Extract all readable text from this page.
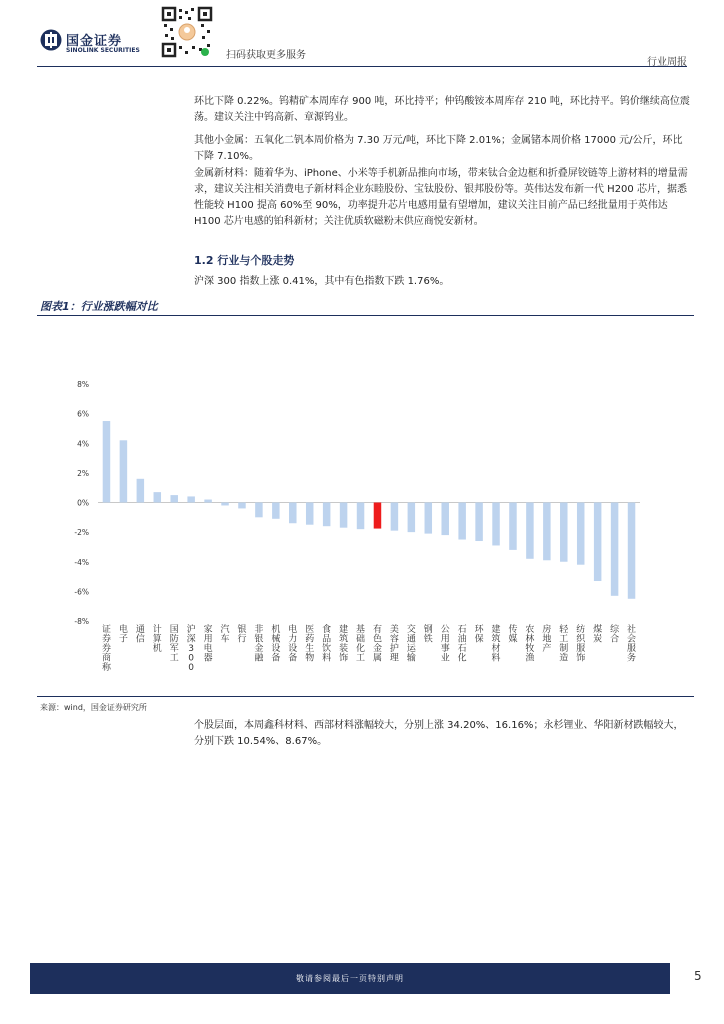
国金证券
SINOLINK SECURITIES	扫码获取更多服务
行业周报

环比下降 0.22%。钨精矿本周库存 900 吨，环比持平；仲钨酸铵本周库存 210 吨，环比持平。钨价继续高位震荡。建议关注中钨高新、章源钨业。

其他小金属：五氧化二钒本周价格为 7.30 万元/吨，环比下降 2.01%；金属锗本周价格 17000 元/公斤，环比下降 7.10%。

金属新材料：随着华为、iPhone、小米等手机新品推向市场，带来钛合金边框和折叠屏铰链等上游材料的增量需求，建议关注相关消费电子新材料企业东睦股份、宝钛股份、银邦股份等。英伟达发布新一代 H200 芯片，据悉性能较 H100 提高 60%至 90%，功率提升芯片电感用量有望增加，建议关注目前产品已经批量用于英伟达 H100 芯片电感的铂科新材；关注优质软磁粉末供应商悦安新材。

1.2 行业与个股走势

沪深 300 指数上涨 0.41%，其中有色指数下跌 1.76%。

图表1：行业涨跌幅对比
8%
6%
4%
2%
0%
-2%
-4%
-6%
-8%
证券券商称
电子
通信
计算机
国防军工
沪深 3 0 0
家用电器
汽车
银行
非银金融
机械设备
电力设备
医药生物
食品饮料
建筑装饰
基础化工
有色金属
美容护理
交通运输
钢铁
公用事业
石油石化
环保
建筑材料
传媒
农林牧渔
房地产
轻工制造
纺织服饰
煤炭
综合
社会服务
来源：wind，国金证券研究所

个股层面，本周鑫科材料、西部材料涨幅较大，分别上涨 34.20%、16.16%；永杉锂业、华阳新材跌幅较大，分别下跌 10.54%、8.67%。

敬请参阅最后一页特别声明	5
